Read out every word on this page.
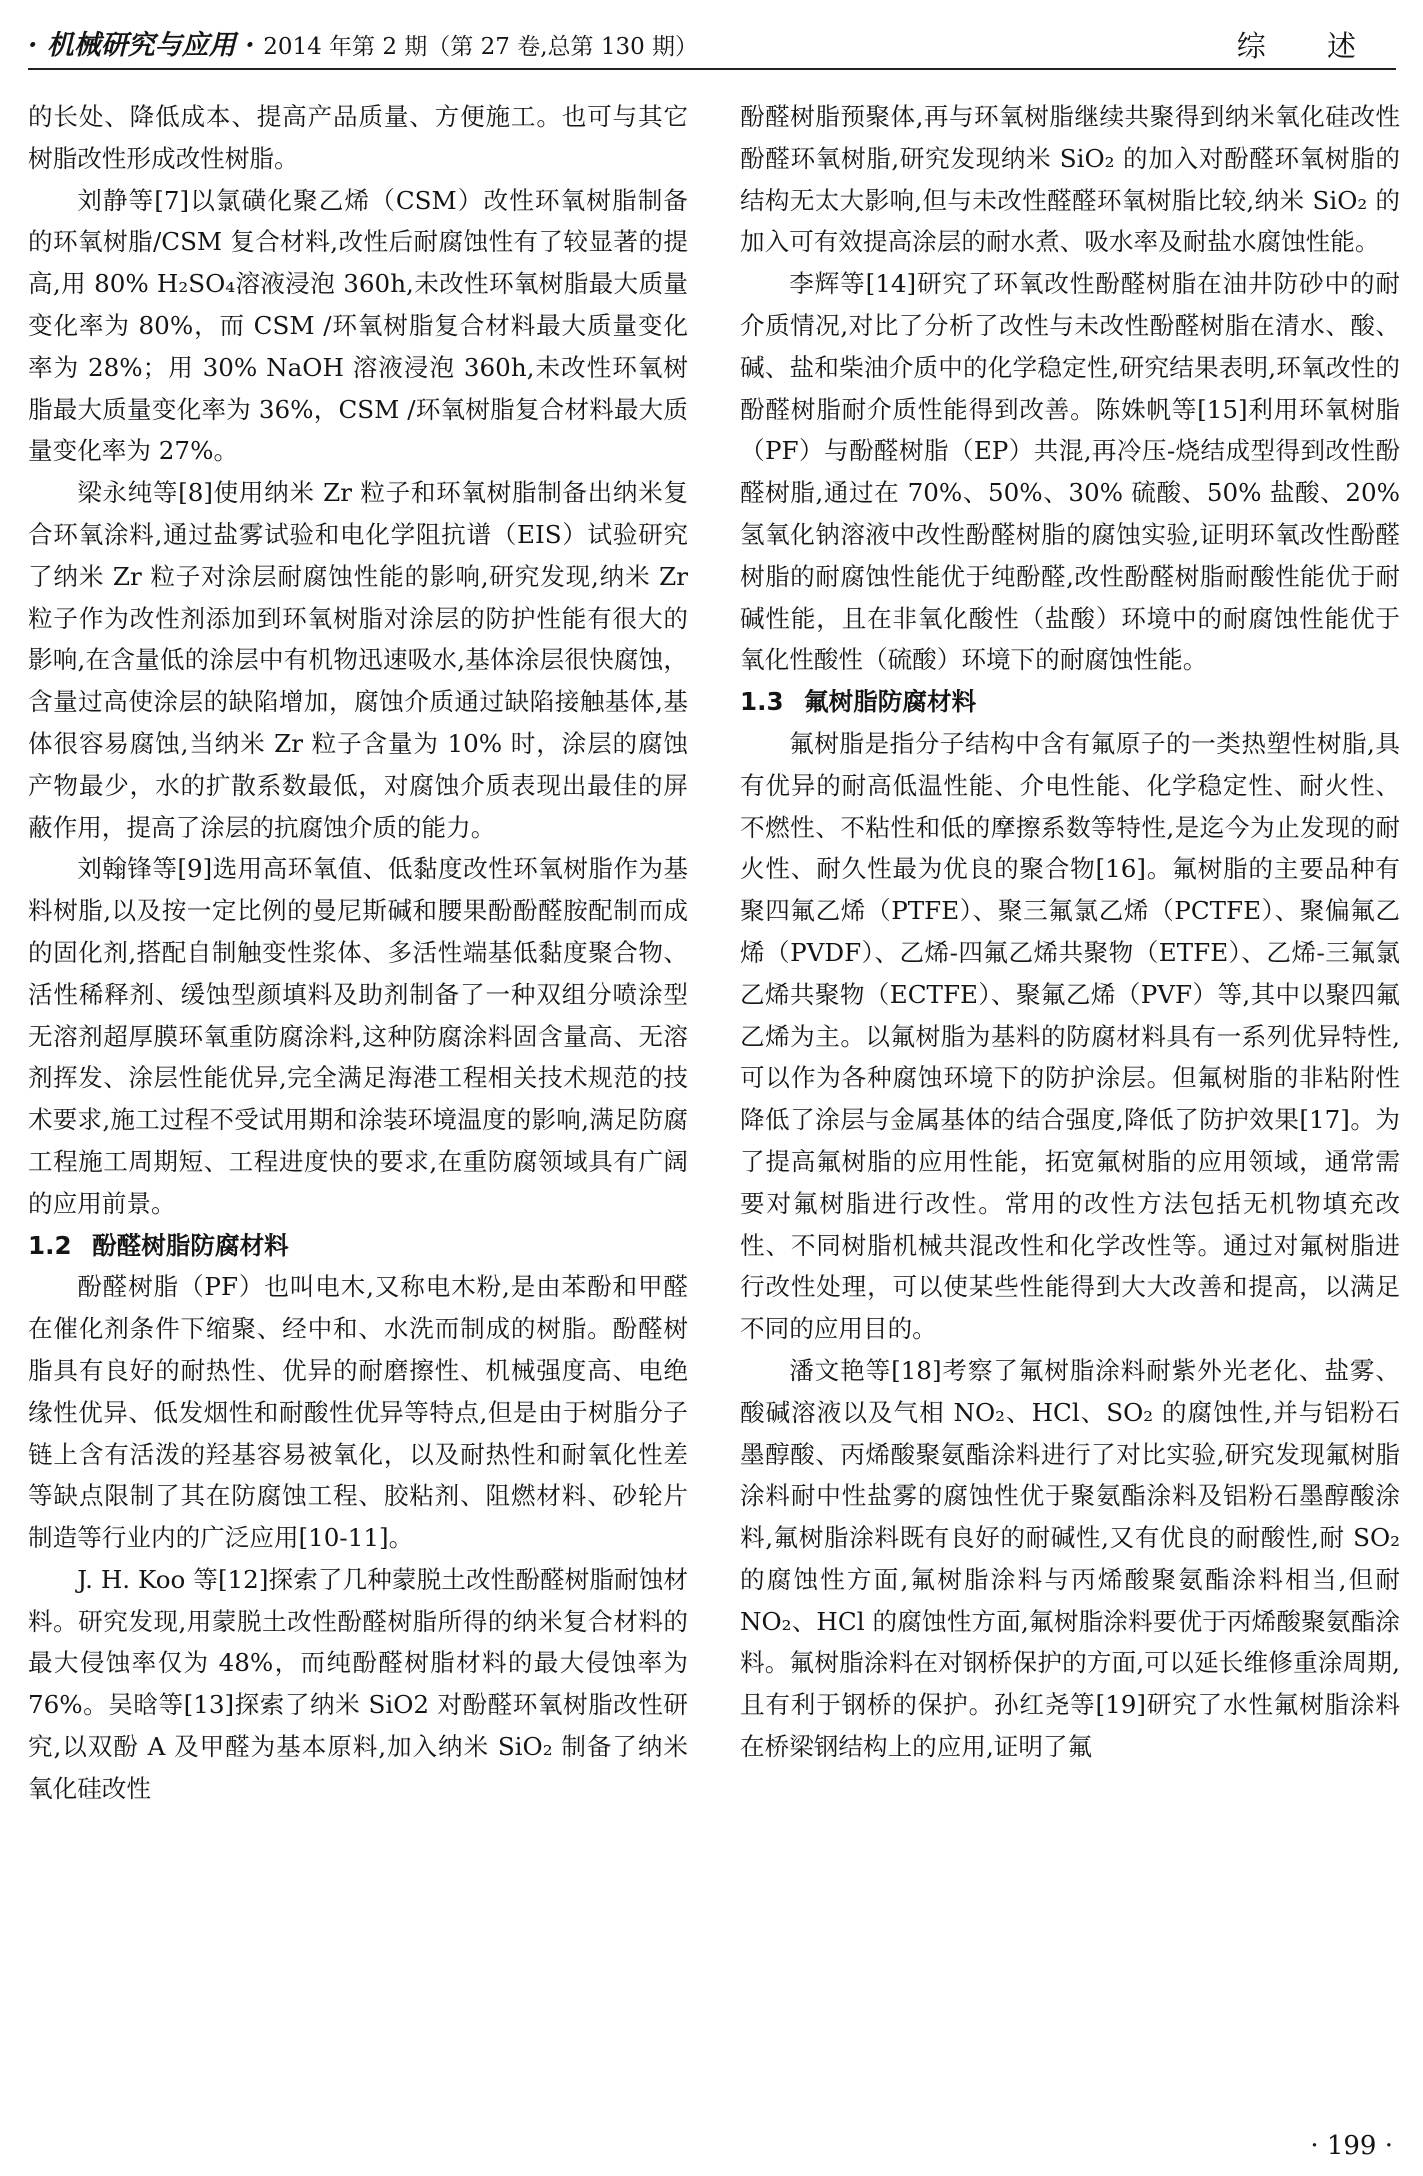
· 机械研究与应用 · 2014 年第 2 期（第 27 卷,总第 130 期）	综 述

的长处、降低成本、提高产品质量、方便施工。也可与其它树脂改性形成改性树脂。

刘静等[7]以氯磺化聚乙烯（CSM）改性环氧树脂制备的环氧树脂/CSM 复合材料,改性后耐腐蚀性有了较显著的提高,用 80% H₂SO₄溶液浸泡 360h,未改性环氧树脂最大质量变化率为 80%，而 CSM /环氧树脂复合材料最大质量变化率为 28%；用 30% NaOH 溶液浸泡 360h,未改性环氧树脂最大质量变化率为 36%，CSM /环氧树脂复合材料最大质量变化率为 27%。

梁永纯等[8]使用纳米 Zr 粒子和环氧树脂制备出纳米复合环氧涂料,通过盐雾试验和电化学阻抗谱（EIS）试验研究了纳米 Zr 粒子对涂层耐腐蚀性能的影响,研究发现,纳米 Zr 粒子作为改性剂添加到环氧树脂对涂层的防护性能有很大的影响,在含量低的涂层中有机物迅速吸水,基体涂层很快腐蚀，含量过高使涂层的缺陷增加，腐蚀介质通过缺陷接触基体,基体很容易腐蚀,当纳米 Zr 粒子含量为 10% 时，涂层的腐蚀产物最少，水的扩散系数最低，对腐蚀介质表现出最佳的屏蔽作用，提高了涂层的抗腐蚀介质的能力。

刘翰锋等[9]选用高环氧值、低黏度改性环氧树脂作为基料树脂,以及按一定比例的曼尼斯碱和腰果酚酚醛胺配制而成的固化剂,搭配自制触变性浆体、多活性端基低黏度聚合物、活性稀释剂、缓蚀型颜填料及助剂制备了一种双组分喷涂型无溶剂超厚膜环氧重防腐涂料,这种防腐涂料固含量高、无溶剂挥发、涂层性能优异,完全满足海港工程相关技术规范的技术要求,施工过程不受试用期和涂装环境温度的影响,满足防腐工程施工周期短、工程进度快的要求,在重防腐领域具有广阔的应用前景。

1.2 酚醛树脂防腐材料

酚醛树脂（PF）也叫电木,又称电木粉,是由苯酚和甲醛在催化剂条件下缩聚、经中和、水洗而制成的树脂。酚醛树脂具有良好的耐热性、优异的耐磨擦性、机械强度高、电绝缘性优异、低发烟性和耐酸性优异等特点,但是由于树脂分子链上含有活泼的羟基容易被氧化，以及耐热性和耐氧化性差等缺点限制了其在防腐蚀工程、胶粘剂、阻燃材料、砂轮片制造等行业内的广泛应用[10-11]。

J. H. Koo 等[12]探索了几种蒙脱土改性酚醛树脂耐蚀材料。研究发现,用蒙脱土改性酚醛树脂所得的纳米复合材料的最大侵蚀率仅为 48%，而纯酚醛树脂材料的最大侵蚀率为 76%。吴晗等[13]探索了纳米 SiO2 对酚醛环氧树脂改性研究,以双酚 A 及甲醛为基本原料,加入纳米 SiO₂ 制备了纳米氧化硅改性

酚醛树脂预聚体,再与环氧树脂继续共聚得到纳米氧化硅改性酚醛环氧树脂,研究发现纳米 SiO₂ 的加入对酚醛环氧树脂的结构无太大影响,但与未改性醛醛环氧树脂比较,纳米 SiO₂ 的加入可有效提高涂层的耐水煮、吸水率及耐盐水腐蚀性能。

李辉等[14]研究了环氧改性酚醛树脂在油井防砂中的耐介质情况,对比了分析了改性与未改性酚醛树脂在清水、酸、碱、盐和柴油介质中的化学稳定性,研究结果表明,环氧改性的酚醛树脂耐介质性能得到改善。陈姝帆等[15]利用环氧树脂（PF）与酚醛树脂（EP）共混,再冷压-烧结成型得到改性酚醛树脂,通过在 70%、50%、30% 硫酸、50% 盐酸、20% 氢氧化钠溶液中改性酚醛树脂的腐蚀实验,证明环氧改性酚醛树脂的耐腐蚀性能优于纯酚醛,改性酚醛树脂耐酸性能优于耐碱性能，且在非氧化酸性（盐酸）环境中的耐腐蚀性能优于氧化性酸性（硫酸）环境下的耐腐蚀性能。

1.3 氟树脂防腐材料

氟树脂是指分子结构中含有氟原子的一类热塑性树脂,具有优异的耐高低温性能、介电性能、化学稳定性、耐火性、不燃性、不粘性和低的摩擦系数等特性,是迄今为止发现的耐火性、耐久性最为优良的聚合物[16]。氟树脂的主要品种有聚四氟乙烯（PTFE）、聚三氟氯乙烯（PCTFE）、聚偏氟乙烯（PVDF）、乙烯-四氟乙烯共聚物（ETFE）、乙烯-三氟氯乙烯共聚物（ECTFE）、聚氟乙烯（PVF）等,其中以聚四氟乙烯为主。以氟树脂为基料的防腐材料具有一系列优异特性,可以作为各种腐蚀环境下的防护涂层。但氟树脂的非粘附性降低了涂层与金属基体的结合强度,降低了防护效果[17]。为了提高氟树脂的应用性能，拓宽氟树脂的应用领域，通常需要对氟树脂进行改性。常用的改性方法包括无机物填充改性、不同树脂机械共混改性和化学改性等。通过对氟树脂进行改性处理，可以使某些性能得到大大改善和提高，以满足不同的应用目的。

潘文艳等[18]考察了氟树脂涂料耐紫外光老化、盐雾、酸碱溶液以及气相 NO₂、HCl、SO₂ 的腐蚀性,并与铝粉石墨醇酸、丙烯酸聚氨酯涂料进行了对比实验,研究发现氟树脂涂料耐中性盐雾的腐蚀性优于聚氨酯涂料及铝粉石墨醇酸涂料,氟树脂涂料既有良好的耐碱性,又有优良的耐酸性,耐 SO₂ 的腐蚀性方面,氟树脂涂料与丙烯酸聚氨酯涂料相当,但耐 NO₂、HCl 的腐蚀性方面,氟树脂涂料要优于丙烯酸聚氨酯涂料。氟树脂涂料在对钢桥保护的方面,可以延长维修重涂周期,且有利于钢桥的保护。孙红尧等[19]研究了水性氟树脂涂料在桥梁钢结构上的应用,证明了氟

· 199 ·
